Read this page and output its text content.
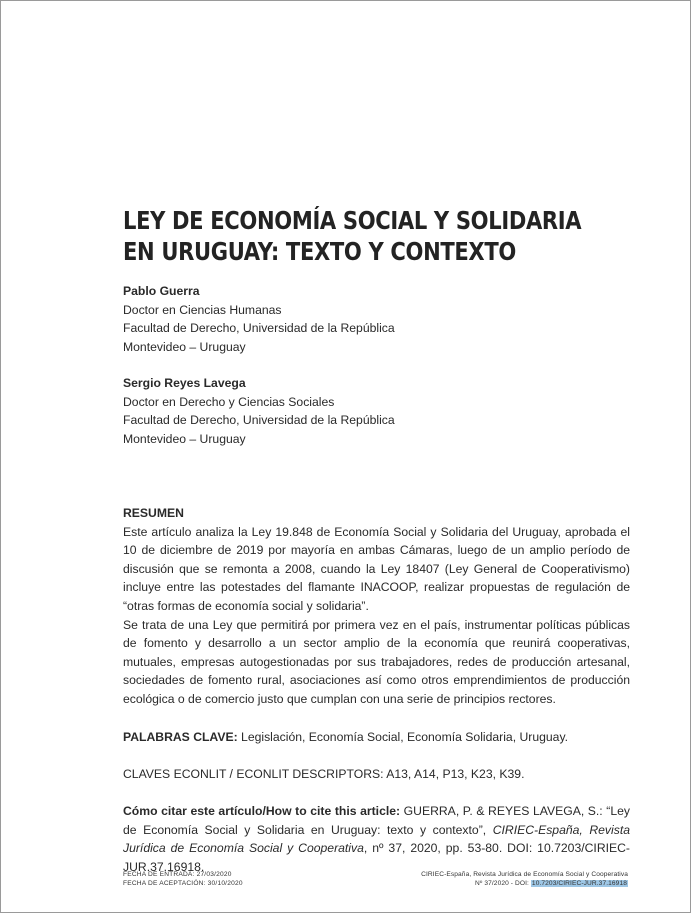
LEY DE ECONOMÍA SOCIAL Y SOLIDARIA
EN URUGUAY: TEXTO Y CONTEXTO
Pablo Guerra
Doctor en Ciencias Humanas
Facultad de Derecho, Universidad de la República
Montevideo – Uruguay
Sergio Reyes Lavega
Doctor en Derecho y Ciencias Sociales
Facultad de Derecho, Universidad de la República
Montevideo – Uruguay
RESUMEN

Este artículo analiza la Ley 19.848 de Economía Social y Solidaria del Uruguay, aprobada el 10 de diciembre de 2019 por mayoría en ambas Cámaras, luego de un amplio período de discusión que se remonta a 2008, cuando la Ley 18407 (Ley General de Cooperativismo) incluye entre las potestades del flamante INACOOP, realizar propuestas de regulación de “otras formas de economía social y solidaria”.

Se trata de una Ley que permitirá por primera vez en el país, instrumentar políticas públicas de fomento y desarrollo a un sector amplio de la economía que reunirá cooperativas, mutuales, empresas autogestionadas por sus trabajadores, redes de producción artesanal, sociedades de fomento rural, asociaciones así como otros emprendimientos de producción ecológica o de comercio justo que cumplan con una serie de principios rectores.

PALABRAS CLAVE: Legislación, Economía Social, Economía Solidaria, Uruguay.
CLAVES ECONLIT / ECONLIT DESCRIPTORS: A13, A14, P13, K23, K39.
Cómo citar este artículo/How to cite this article: GUERRA, P. & REYES LAVEGA, S.: “Ley de Economía Social y Solidaria en Uruguay: texto y contexto”, CIRIEC-España, Revista Jurídica de Economía Social y Cooperativa, nº 37, 2020, pp. 53-80. DOI: 10.7203/CIRIEC-JUR.37.16918.
FECHA DE ENTRADA: 27/03/2020
FECHA DE ACEPTACIÓN: 30/10/2020
CIRIEC-España, Revista Jurídica de Economía Social y Cooperativa
Nº 37/2020 - DOI: 10.7203/CIRIEC-JUR.37.16918
